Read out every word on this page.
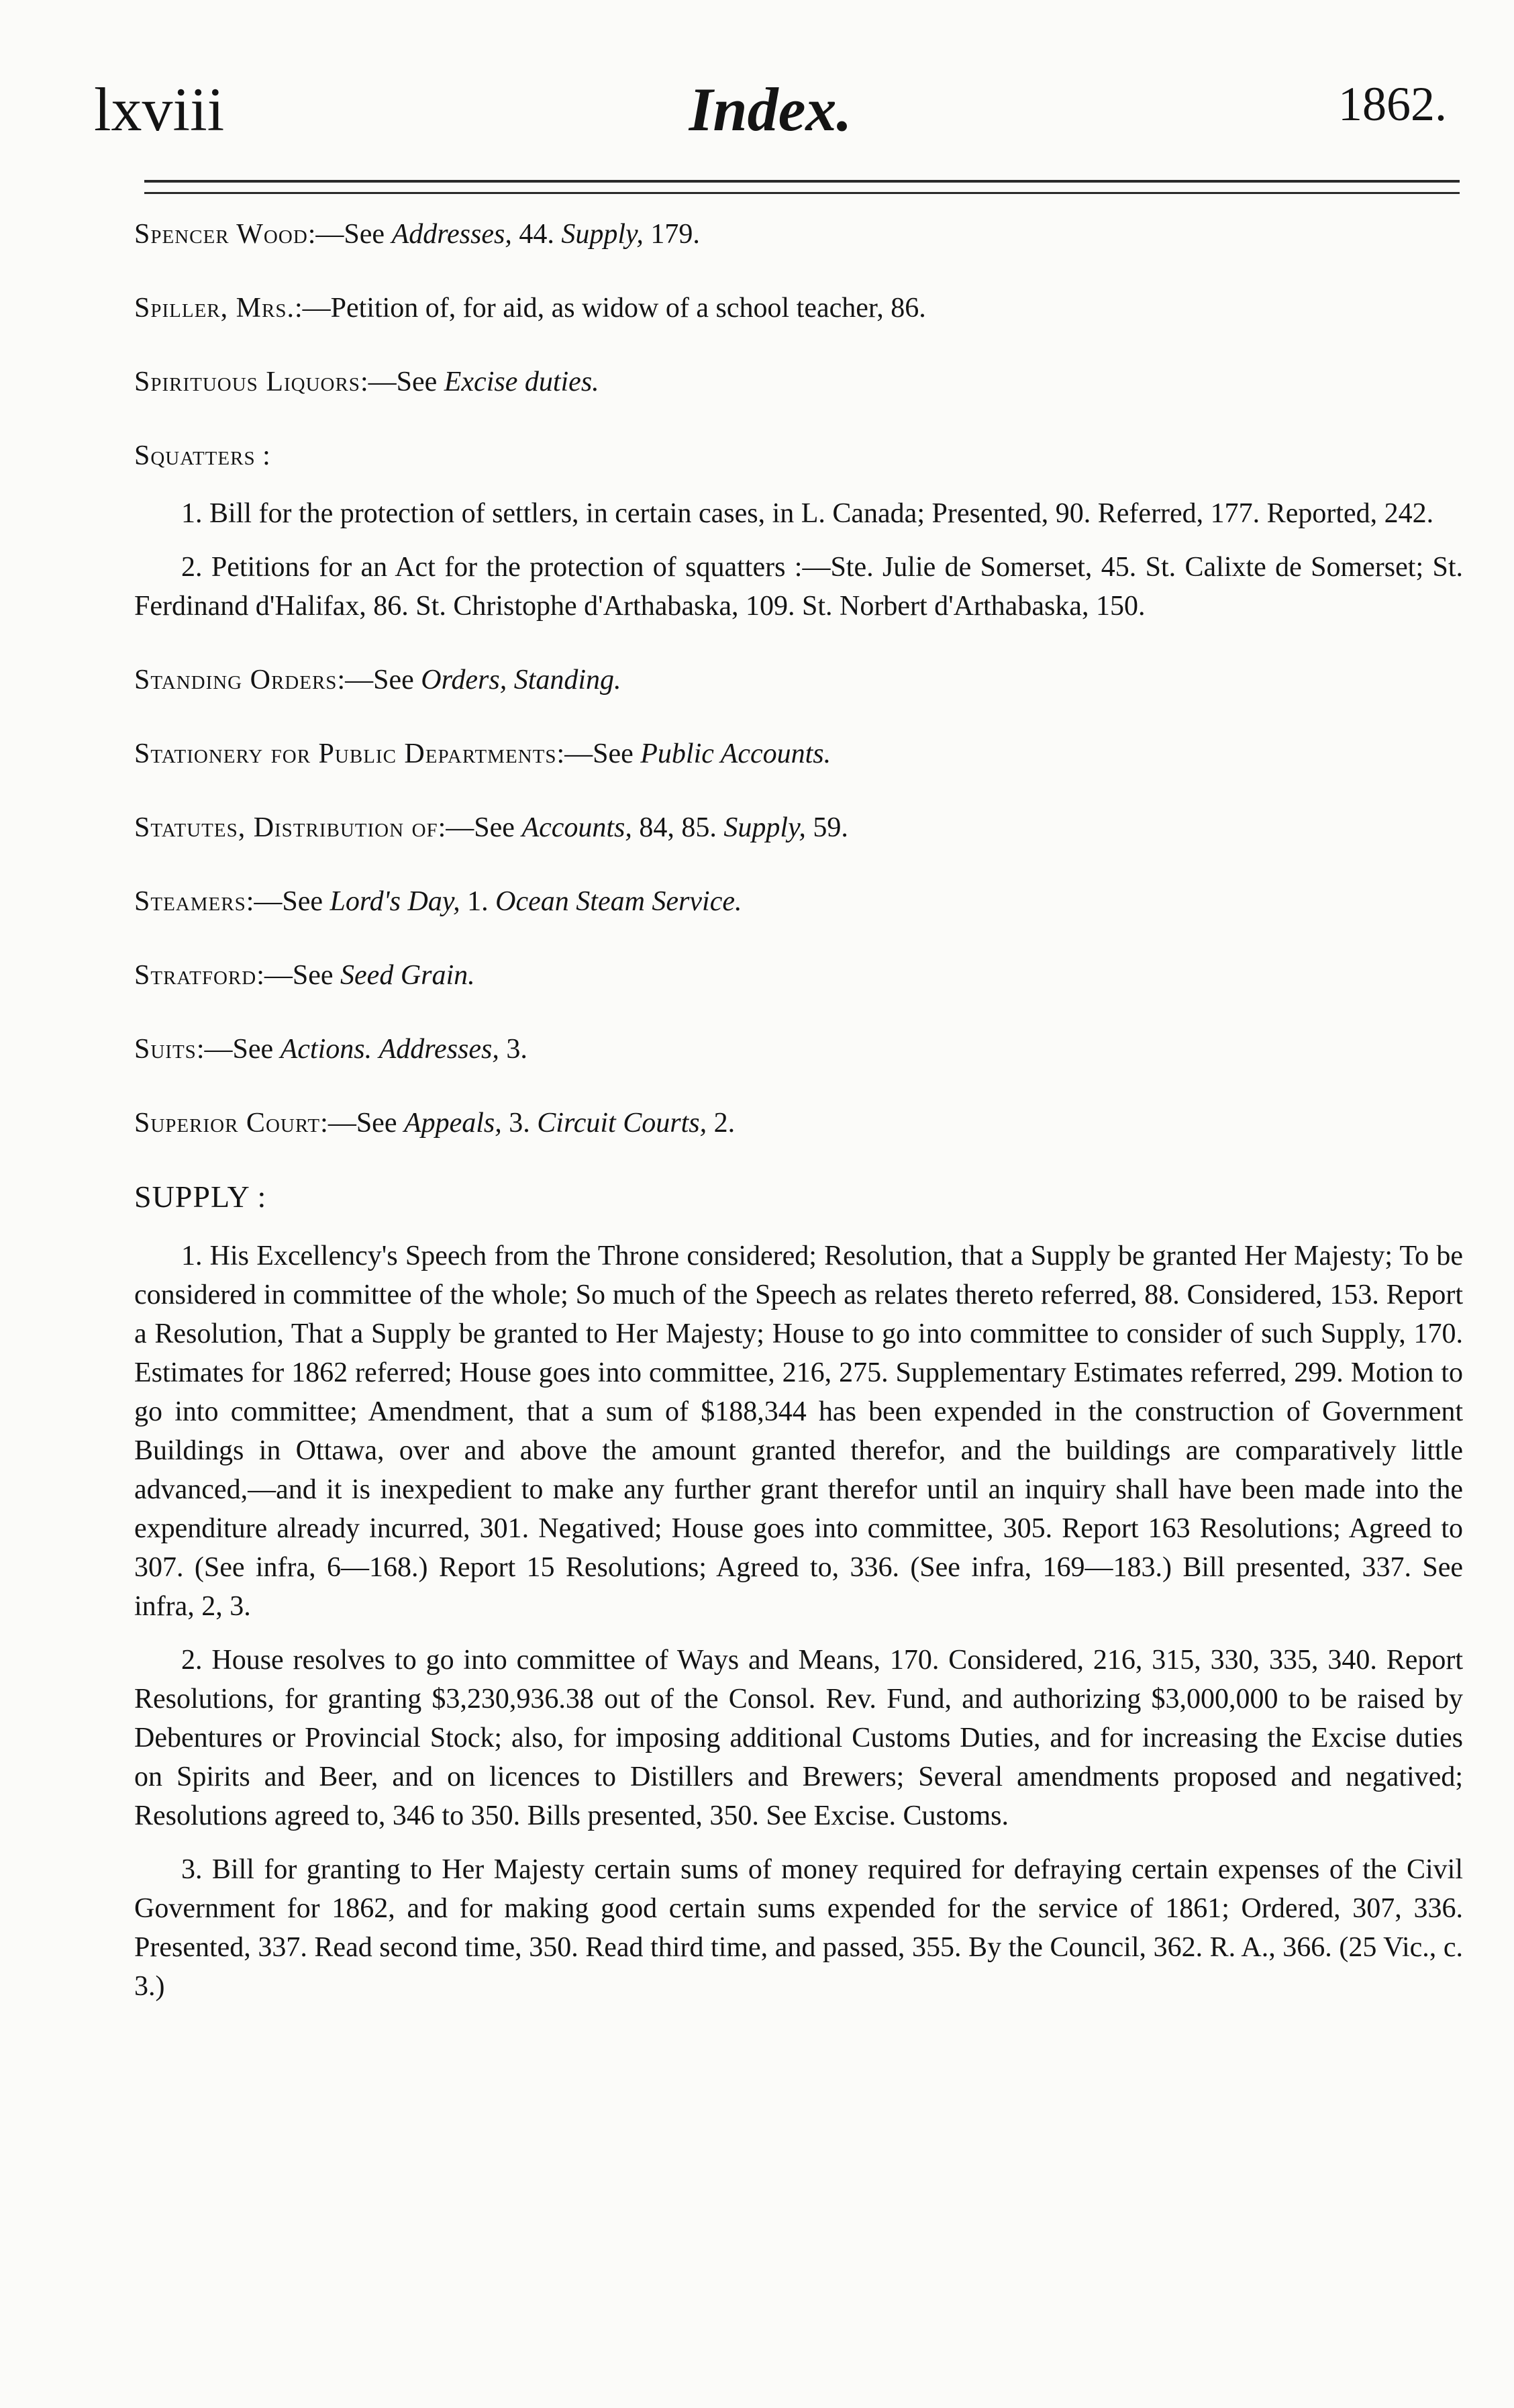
lxviii	Index.	1862.

Spencer Wood:—See Addresses, 44. Supply, 179.

Spiller, Mrs.:—Petition of, for aid, as widow of a school teacher, 86.

Spirituous Liquors:—See Excise duties.

Squatters :

1. Bill for the protection of settlers, in certain cases, in L. Canada; Presented, 90. Referred, 177. Reported, 242.

2. Petitions for an Act for the protection of squatters :—Ste. Julie de Somerset, 45. St. Calixte de Somerset; St. Ferdinand d'Halifax, 86. St. Christophe d'Arthabaska, 109. St. Norbert d'Arthabaska, 150.

Standing Orders:—See Orders, Standing.

Stationery for Public Departments:—See Public Accounts.

Statutes, Distribution of:—See Accounts, 84, 85. Supply, 59.

Steamers:—See Lord's Day, 1. Ocean Steam Service.

Stratford:—See Seed Grain.

Suits:—See Actions. Addresses, 3.

Superior Court:—See Appeals, 3. Circuit Courts, 2.

SUPPLY :

1. His Excellency's Speech from the Throne considered; Resolution, that a Supply be granted Her Majesty; To be considered in committee of the whole; So much of the Speech as relates thereto referred, 88. Considered, 153. Report a Resolution, That a Supply be granted to Her Majesty; House to go into committee to consider of such Supply, 170. Estimates for 1862 referred; House goes into committee, 216, 275. Supplementary Estimates referred, 299. Motion to go into committee; Amendment, that a sum of $188,344 has been expended in the construction of Government Buildings in Ottawa, over and above the amount granted therefor, and the buildings are comparatively little advanced,—and it is inexpedient to make any further grant therefor until an inquiry shall have been made into the expenditure already incurred, 301. Negatived; House goes into committee, 305. Report 163 Resolutions; Agreed to 307. (See infra, 6—168.) Report 15 Resolutions; Agreed to, 336. (See infra, 169—183.) Bill presented, 337. See infra, 2, 3.

2. House resolves to go into committee of Ways and Means, 170. Considered, 216, 315, 330, 335, 340. Report Resolutions, for granting $3,230,936.38 out of the Consol. Rev. Fund, and authorizing $3,000,000 to be raised by Debentures or Provincial Stock; also, for imposing additional Customs Duties, and for increasing the Excise duties on Spirits and Beer, and on licences to Distillers and Brewers; Several amendments proposed and negatived; Resolutions agreed to, 346 to 350. Bills presented, 350. See Excise. Customs.

3. Bill for granting to Her Majesty certain sums of money required for defraying certain expenses of the Civil Government for 1862, and for making good certain sums expended for the service of 1861; Ordered, 307, 336. Presented, 337. Read second time, 350. Read third time, and passed, 355. By the Council, 362. R. A., 366. (25 Vic., c. 3.)
